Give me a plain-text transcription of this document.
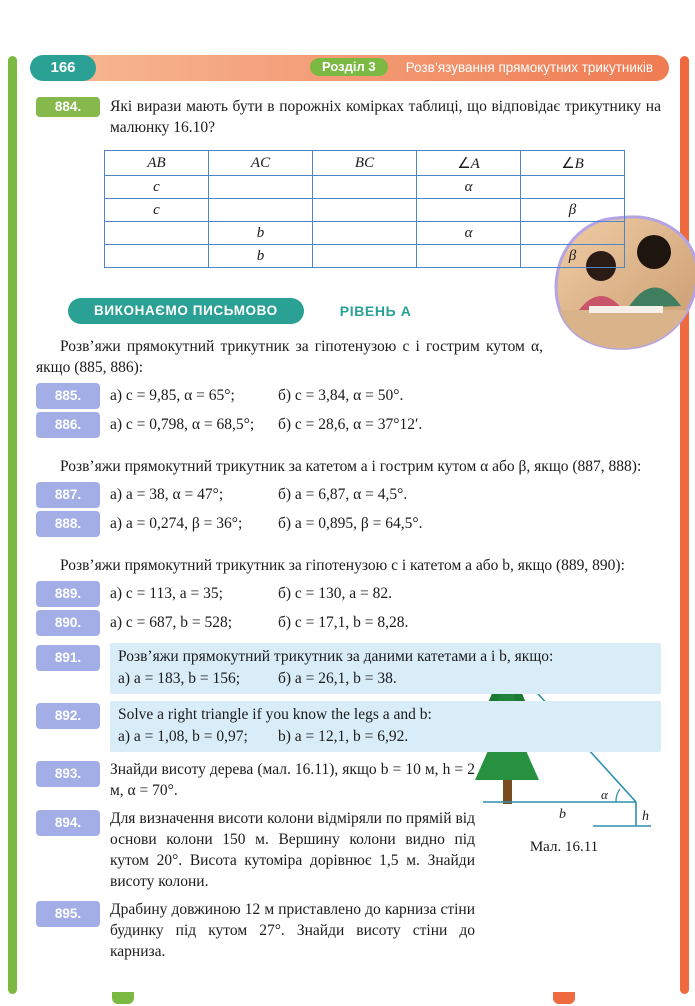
Розділ 3	Розв’язування прямокутних трикутників
166
α
b	h
Мал. 16.11
884.	Які вирази мають бути в порожніх комірках таблиці, що відповідає трикутнику на малюнку 16.10?

AB	AC	BC	∠A	∠B
c			α	
c				β
	b		α	
	b			β
ВИКОНАЄМО ПИСЬМОВО	РІВЕНЬ А

Розв’яжи прямокутний трикутник за гіпотенузою c і гострим кутом α, якщо (885, 886):

885.	а) c = 9,85, α = 65°;	б) c = 3,84, α = 50°.
886.	а) c = 0,798, α = 68,5°;	б) c = 28,6, α = 37°12′.

Розв’яжи прямокутний трикутник за катетом a і гострим кутом α або β, якщо (887, 888):

887.	а) a = 38, α = 47°;	б) a = 6,87, α = 4,5°.
888.	а) a = 0,274, β = 36°;	б) a = 0,895, β = 64,5°.

Розв’яжи прямокутний трикутник за гіпотенузою c і катетом a або b, якщо (889, 890):

889.	а) c = 113, a = 35;	б) c = 130, a = 82.
890.	а) c = 687, b = 528;	б) c = 17,1, b = 8,28.
891.	Розв’яжи прямокутний трикутник за даними катетами a і b, якщо:

а) a = 183, b = 156;	б) a = 26,1, b = 38.
892.	Solve a right triangle if you know the legs a and b:

а) a = 1,08, b = 0,97;	b) a = 12,1, b = 6,92.
893.	Знайди висоту дерева (мал. 16.11), якщо b = 10 м, h = 2 м, α = 70°.

894.	Для визначення висоти колони відміряли по прямій від основи колони 150 м. Вершину колони видно під кутом 20°. Висота кутоміра дорівнює 1,5 м. Знайди висоту колони.

895.	Драбину довжиною 12 м приставлено до карниза стіни будинку під кутом 27°. Знайди висоту стіни до карниза.
